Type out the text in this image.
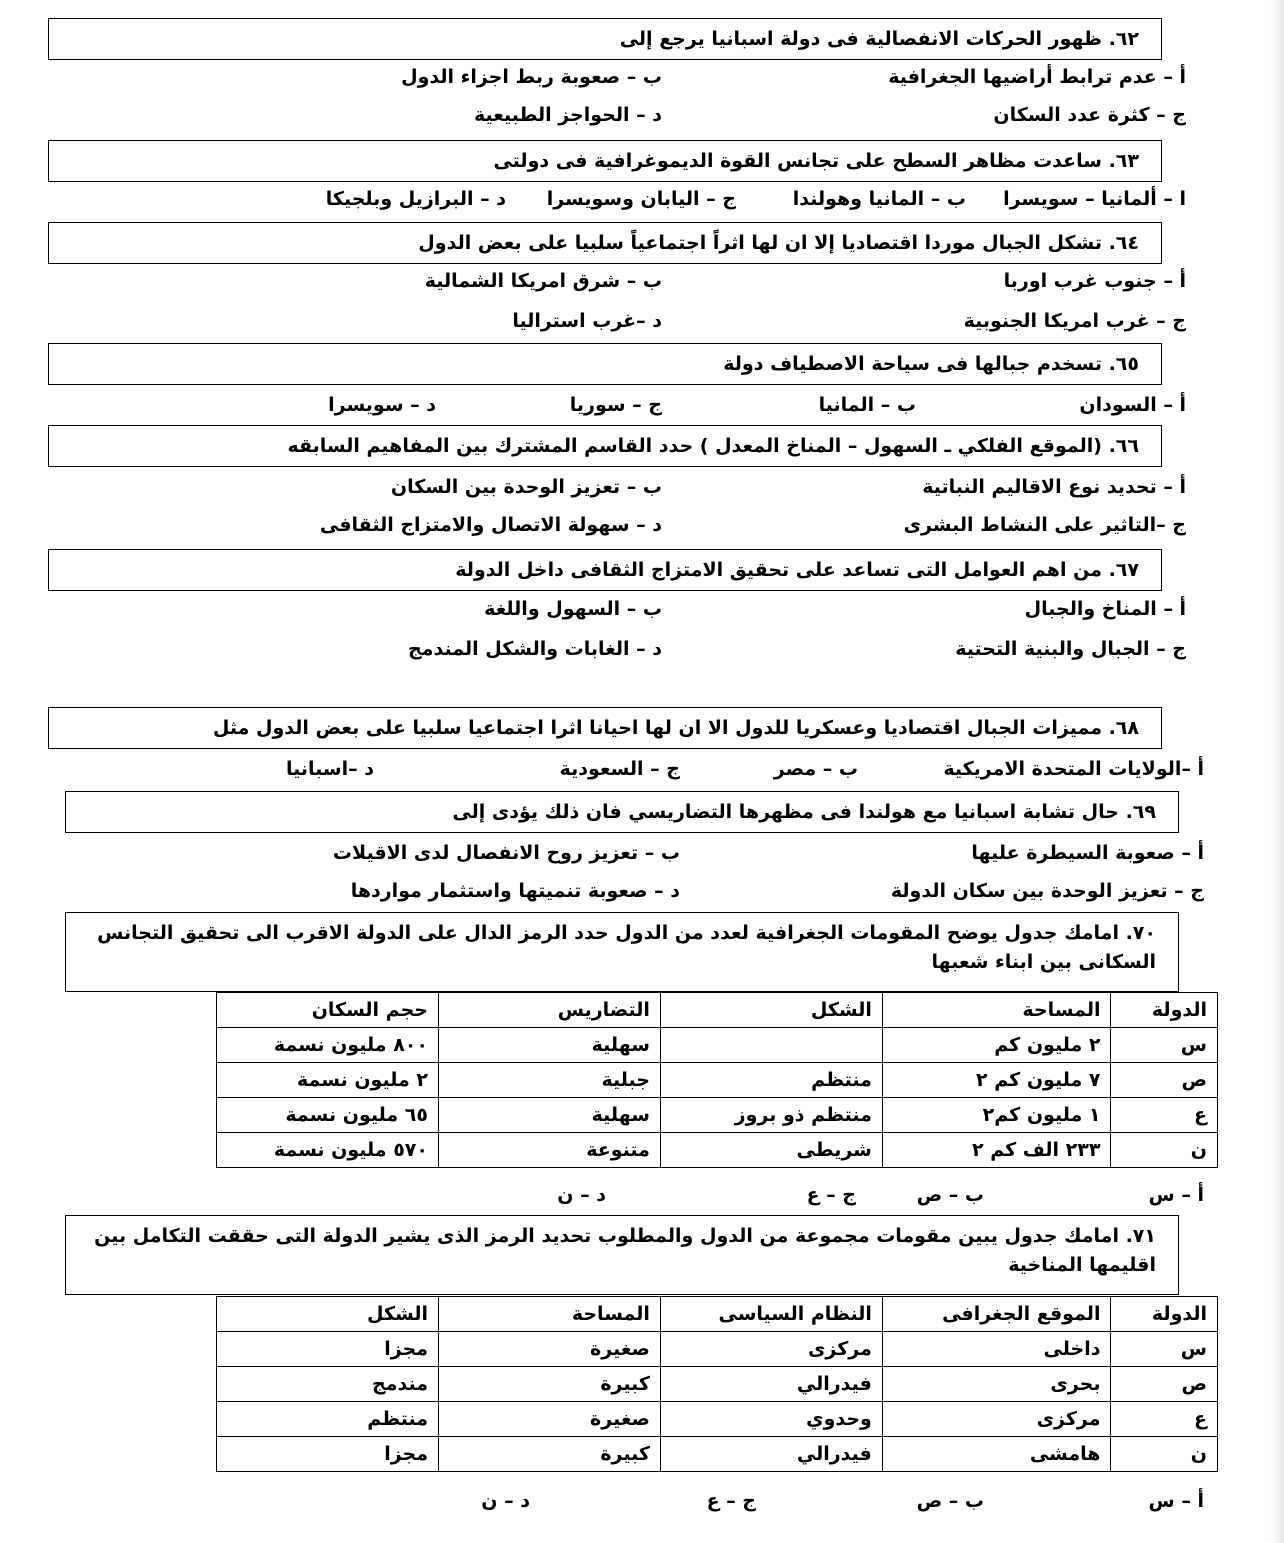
٦٢. ظهور الحركات الانفصالية فى دولة اسبانيا يرجع إلى
أ – عدم ترابط أراضيها الجغرافية
ب – صعوبة ربط اجزاء الدول
ج – كثرة عدد السكان
د – الحواجز الطبيعية
٦٣. ساعدت مظاهر السطح على تجانس القوة الديموغرافية فى دولتى
ا – ألمانيا – سويسرا
ب – المانيا وهولندا
ج – اليابان وسويسرا
د – البرازيل وبلجيكا
٦٤. تشكل الجبال موردا اقتصاديا إلا ان لها اثراً اجتماعياً سلبيا على بعض الدول
أ – جنوب غرب اوربا
ب – شرق امريكا الشمالية
ج – غرب امريكا الجنوبية
د –غرب استراليا
٦٥. تسخدم جبالها فى سياحة الاصطياف دولة
أ – السودان
ب – المانيا
ج – سوريا
د – سويسرا
٦٦. (الموقع الفلكي ـ السهول – المناخ المعدل ) حدد القاسم المشترك بين المفاهيم السابقه
أ – تحديد نوع الاقاليم النباتية
ب – تعزيز الوحدة بين السكان
ج –التاثير على النشاط البشرى
د – سهولة الاتصال والامتزاج الثقافى
٦٧. من اهم العوامل التى تساعد على تحقيق الامتزاج الثقافى داخل الدولة
أ – المناخ والجبال
ب – السهول واللغة
ج – الجبال والبنية التحتية
د – الغابات والشكل المندمج
٦٨. مميزات الجبال اقتصاديا وعسكريا للدول الا ان لها احيانا اثرا اجتماعيا سلبيا على بعض الدول مثل
أ –الولايات المتحدة الامريكية
ب – مصر
ج – السعودية
د –اسبانيا
٦٩. حال تشابة اسبانيا مع هولندا فى مظهرها التضاريسي فان ذلك يؤدى إلى
أ – صعوبة السيطرة عليها
ب – تعزيز روح الانفصال لدى الاقيلات
ج – تعزيز الوحدة بين سكان الدولة
د – صعوبة تنميتها واستثمار مواردها
٧٠. امامك جدول يوضح المقومات الجغرافية لعدد من الدول حدد الرمز الدال على الدولة الاقرب الى تحقيق التجانس السكانى بين ابناء شعبها
الدولة	المساحة	الشكل	التضاريس	حجم السكان
س	٢ مليون كم		سهلية	٨٠٠ مليون نسمة
ص	٧ مليون كم ٢	منتظم	جبلية	٢ مليون نسمة
ع	١ مليون كم٢	منتظم ذو بروز	سهلية	٦٥ مليون نسمة
ن	٢٣٣ الف كم ٢	شريطى	متنوعة	٥٧٠ مليون نسمة
أ – س
ب – ص
ج – ع
د – ن
٧١. امامك جدول يبين مقومات مجموعة من الدول والمطلوب تحديد الرمز الذى يشير الدولة التى حققت التكامل بين اقليمها المناخية
الدولة	الموقع الجغرافى	النظام السياسى	المساحة	الشكل
س	داخلى	مركزى	صغيرة	مجزا
ص	بحرى	فيدرالي	كبيرة	مندمج
ع	مركزى	وحدوي	صغيرة	منتظم
ن	هامشى	فيدرالي	كبيرة	مجزا
أ – س
ب – ص
ج – ع
د – ن
